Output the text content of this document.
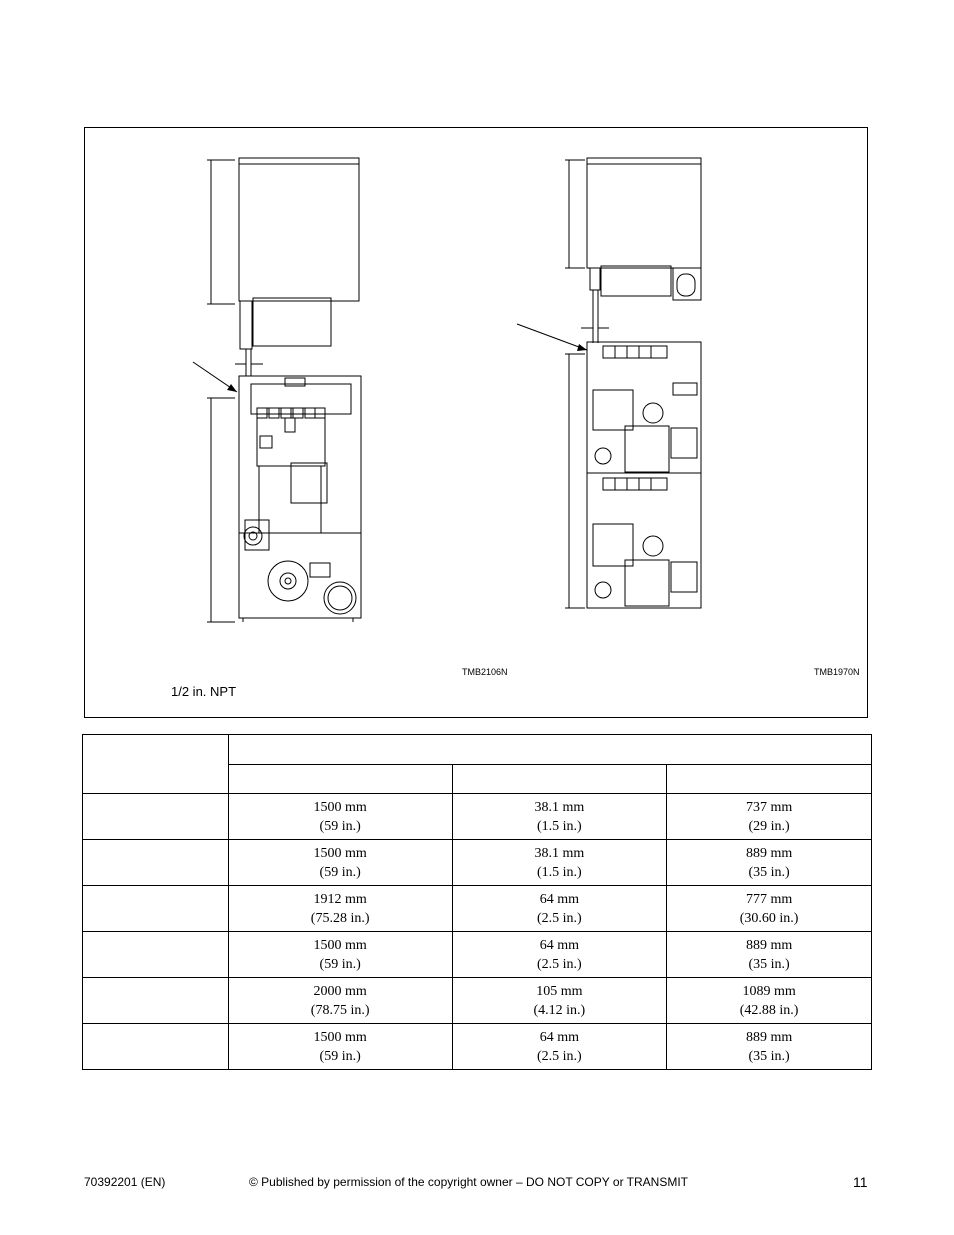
TMB2106N	TMB1970N
1/2 in. NPT

	1500 mm
(59 in.)	38.1 mm
(1.5 in.)	737 mm
(29 in.)

	1500 mm
(59 in.)	38.1 mm
(1.5 in.)	889 mm
(35 in.)

	1912 mm
(75.28 in.)	64 mm
(2.5 in.)	777 mm
(30.60 in.)

	1500 mm
(59 in.)	64 mm
(2.5 in.)	889 mm
(35 in.)

	2000 mm
(78.75 in.)	105 mm
(4.12 in.)	1089 mm
(42.88 in.)

	1500 mm
(59 in.)	64 mm
(2.5 in.)	889 mm
(35 in.)
70392201 (EN)	© Published by permission of the copyright owner – DO NOT COPY or TRANSMIT	11
